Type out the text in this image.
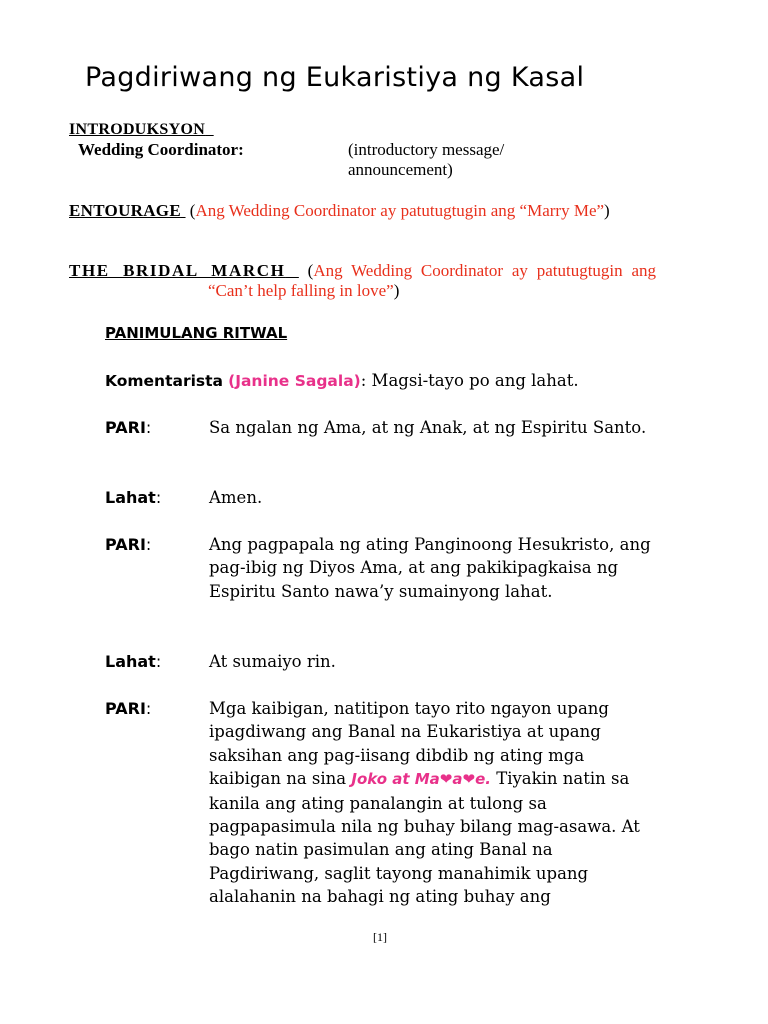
Pagdiriwang ng Eukaristiya ng Kasal
INTRODUKSYON
Wedding Coordinator:	(introductory message/ announcement)
ENTOURAGE (Ang Wedding Coordinator ay patutugtugin ang “Marry Me”)
THE BRIDAL MARCH (Ang Wedding Coordinator ay patutugtugin ang “Can’t help falling in love”)
PANIMULANG RITWAL
Komentarista (Janine Sagala): Magsi-tayo po ang lahat.
PARI:	Sa ngalan ng Ama, at ng Anak, at ng Espiritu Santo.
Lahat:	Amen.
PARI:	Ang pagpapala ng ating Panginoong Hesukristo, ang pag-ibig ng Diyos Ama, at ang pakikipagkaisa ng Espiritu Santo nawa’y sumainyong lahat.
Lahat:	At sumaiyo rin.
PARI:	Mga kaibigan, natitipon tayo rito ngayon upang ipagdiwang ang Banal na Eukaristiya at upang saksihan ang pag-iisang dibdib ng ating mga kaibigan na sina Joko at Ma❤a❤e. Tiyakin natin sa kanila ang ating panalangin at tulong sa pagpapasimula nila ng buhay bilang mag-asawa. At bago natin pasimulan ang ating Banal na Pagdiriwang, saglit tayong manahimik upang alalahanin na bahagi ng ating buhay ang
[1]
